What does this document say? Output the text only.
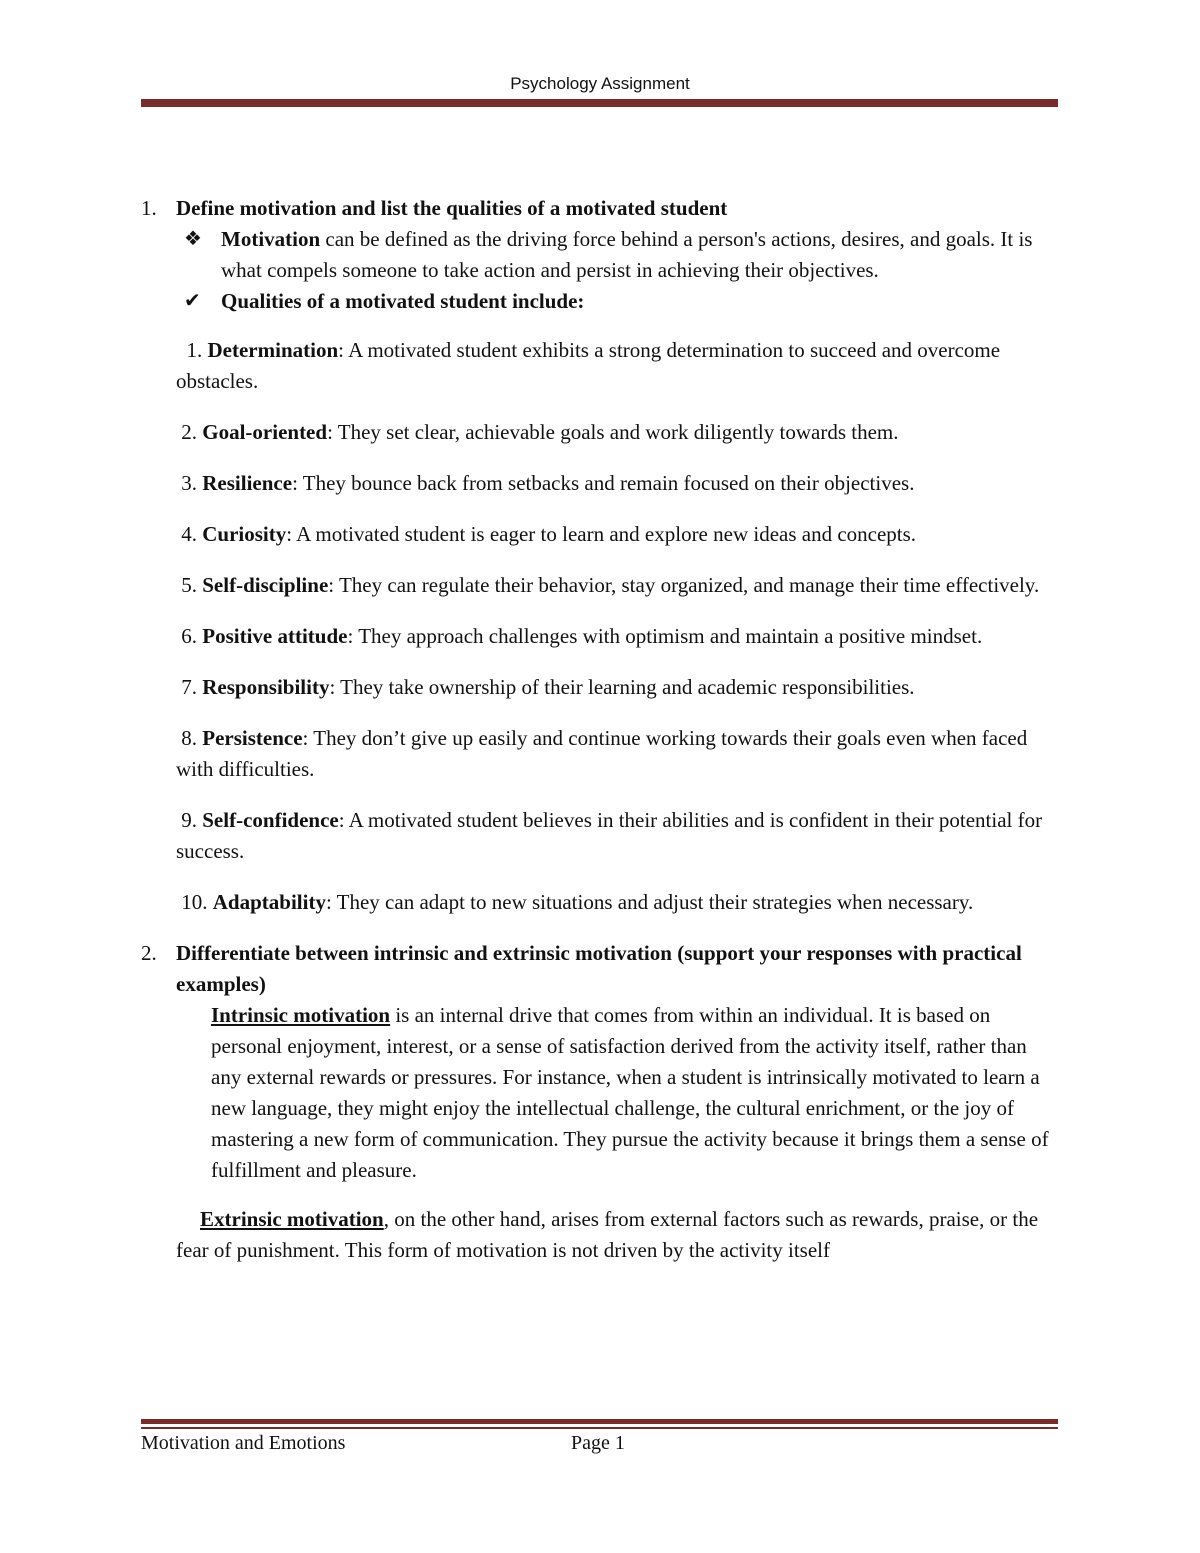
Psychology Assignment
1. Define motivation and list the qualities of a motivated student
❖ Motivation can be defined as the driving force behind a person's actions, desires, and goals. It is what compels someone to take action and persist in achieving their objectives.
✔ Qualities of a motivated student include:

1. Determination: A motivated student exhibits a strong determination to succeed and overcome obstacles.

2. Goal-oriented: They set clear, achievable goals and work diligently towards them.

3. Resilience: They bounce back from setbacks and remain focused on their objectives.

4. Curiosity: A motivated student is eager to learn and explore new ideas and concepts.

5. Self-discipline: They can regulate their behavior, stay organized, and manage their time effectively.

6. Positive attitude: They approach challenges with optimism and maintain a positive mindset.

7. Responsibility: They take ownership of their learning and academic responsibilities.

8. Persistence: They don’t give up easily and continue working towards their goals even when faced with difficulties.

9. Self-confidence: A motivated student believes in their abilities and is confident in their potential for success.

10. Adaptability: They can adapt to new situations and adjust their strategies when necessary.

2. Differentiate between intrinsic and extrinsic motivation (support your responses with practical examples)
Intrinsic motivation is an internal drive that comes from within an individual. It is based on personal enjoyment, interest, or a sense of satisfaction derived from the activity itself, rather than any external rewards or pressures. For instance, when a student is intrinsically motivated to learn a new language, they might enjoy the intellectual challenge, the cultural enrichment, or the joy of mastering a new form of communication. They pursue the activity because it brings them a sense of fulfillment and pleasure.
Extrinsic motivation, on the other hand, arises from external factors such as rewards, praise, or the fear of punishment. This form of motivation is not driven by the activity itself
Motivation and Emotions	Page 1
